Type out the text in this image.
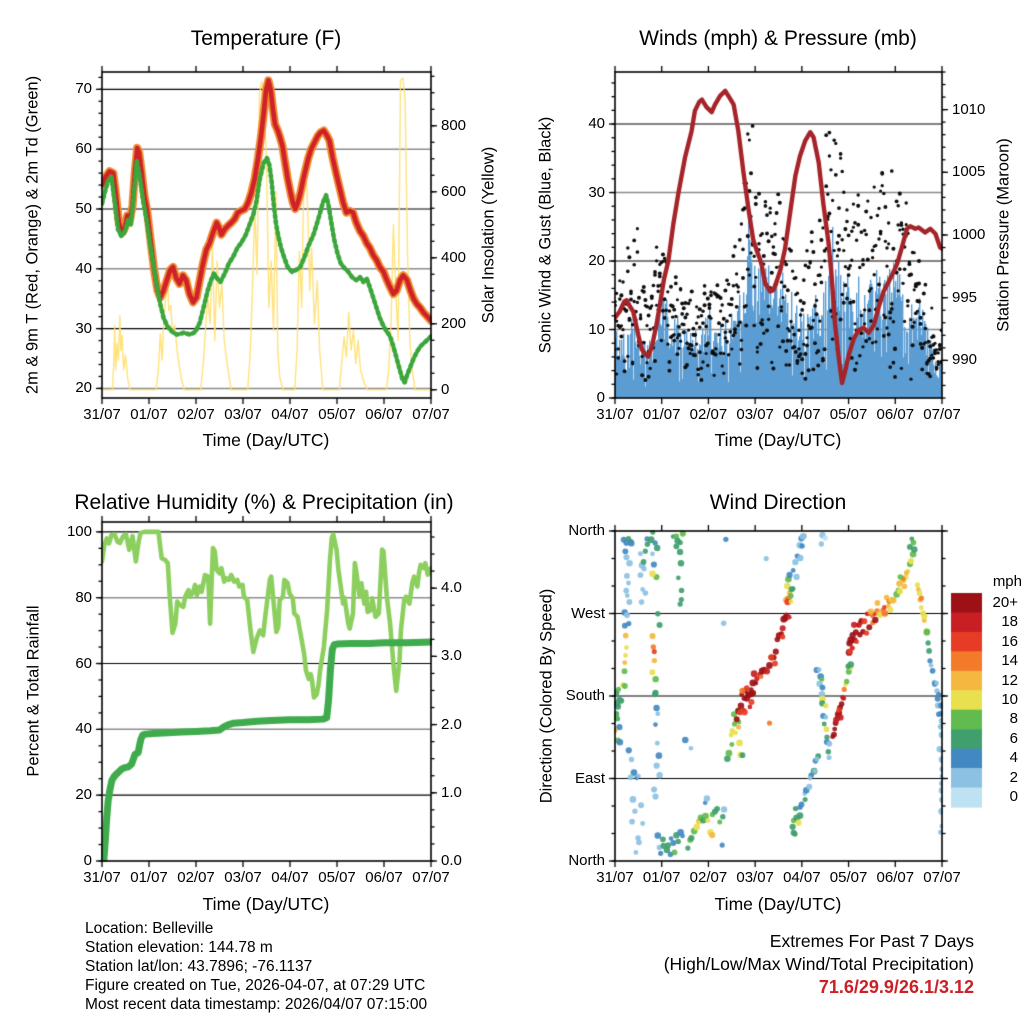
Temperature (F)	Winds (mph) & Pressure (mb)
Relative Humidity (%) & Precipitation (in)	Wind Direction
Time (Day/UTC)	Time (Day/UTC)
Time (Day/UTC)	Time (Day/UTC)
2m & 9m T (Red, Orange) & 2m Td (Green)	Solar Insolation (Yellow) Sonic Wind & Gust (Blue, Black)	Station Pressure (Maroon)
Percent & Total Rainfall	Direction (Colored By Speed)
mph
Location: Belleville
Station elevation: 144.78 m
Station lat/lon: 43.7896; -76.1137
Figure created on Tue, 2026-04-07, at 07:29 UTC
Most recent data timestamp: 2026/04/07 07:15:00
Extremes For Past 7 Days
(High/Low/Max Wind/Total Precipitation)
71.6/29.9/26.1/3.12
31/07 01/07 02/07 03/07 04/07 05/07 06/07 07/07
20
30
40
50
60
70
0
200
400
600
800
31/07 01/07 02/07 03/07 04/07 05/07 06/07 07/07
0
10
20
30
40
990
995
1000
1005
1010
31/07 01/07 02/07 03/07 04/07 05/07 06/07 07/07
0
20
40
60
80
100
0.0
1.0
2.0
3.0
4.0
31/07 01/07 02/07 03/07 04/07 05/07 06/07 07/07
North
West
South
East
North
20+
18
16
14
12
10
8
6
4
2
0
